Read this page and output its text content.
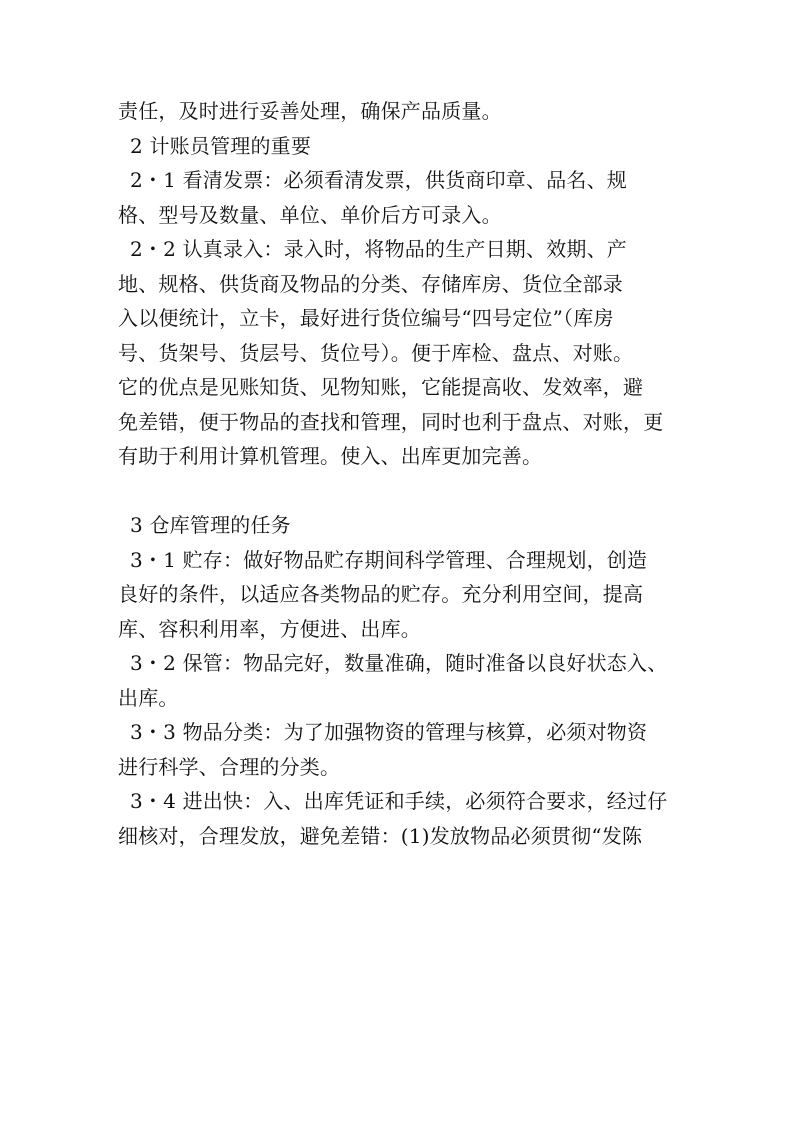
责任，及时进行妥善处理，确保产品质量。
2 计账员管理的重要
2・1 看清发票：必须看清发票，供货商印章、品名、规
格、型号及数量、单位、单价后方可录入。
2・2 认真录入：录入时，将物品的生产日期、效期、产
地、规格、供货商及物品的分类、存储库房、货位全部录
入以便统计，立卡，最好进行货位编号“四号定位”（库房
号、货架号、货层号、货位号）。便于库检、盘点、对账。
它的优点是见账知货、见物知账，它能提高收、发效率，避
免差错，便于物品的查找和管理，同时也利于盘点、对账，更
有助于利用计算机管理。使入、出库更加完善。
3 仓库管理的任务
3・1 贮存：做好物品贮存期间科学管理、合理规划，创造
良好的条件，以适应各类物品的贮存。充分利用空间，提高
库、容积利用率，方便进、出库。
3・2 保管：物品完好，数量准确，随时准备以良好状态入、
出库。
3・3 物品分类：为了加强物资的管理与核算，必须对物资
进行科学、合理的分类。
3・4 进出快：入、出库凭证和手续，必须符合要求，经过仔
细核对，合理发放，避免差错：(1)发放物品必须贯彻“发陈
